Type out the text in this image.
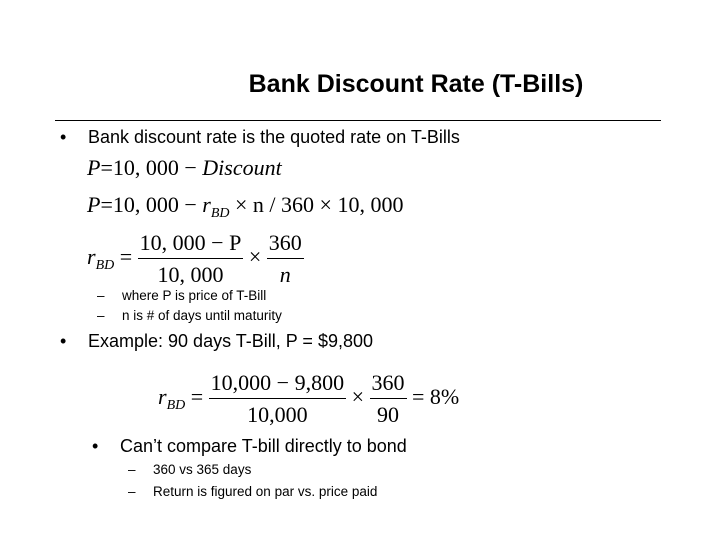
Bank Discount Rate (T-Bills)
• Bank discount rate is the quoted rate on T-Bills
P=10, 000 − Discount
P=10, $000 - r_{BD} \times n / 360 \times 10$, 000
$r_{BD} = \frac{10, 000 - P}{10, 000} \times \frac{360}{n}$
– where P is price of T-Bill
– n is # of days until maturity
• Example: 90 days T-Bill, P = $9,800
$r_{BD} = \frac{10,000 - 9,800}{10,000} \times \frac{360}{90} = 8\%$
• Can’t compare T-bill directly to bond
– 360 vs 365 days
– Return is figured on par vs. price paid
